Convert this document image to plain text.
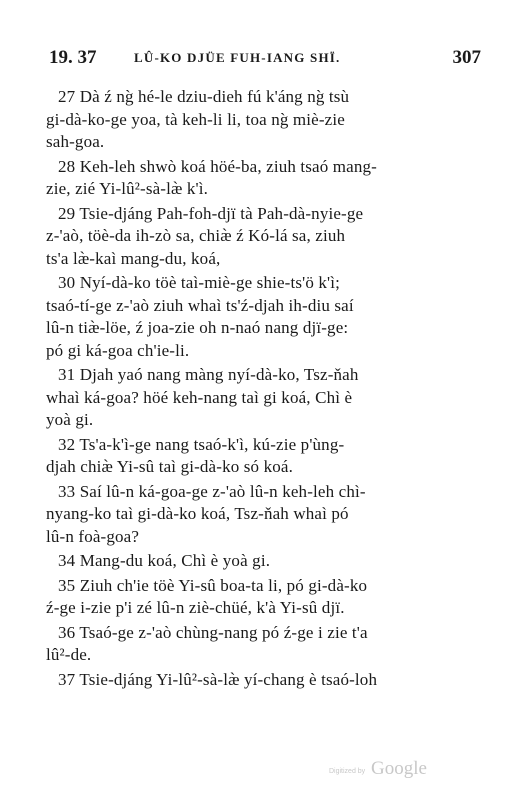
19. 37	LÛ-KO DJÜE FUH-IANG SHÏ.	307
27 Dà ź ng̀ hé-le dziu-dieh fú k'áng ng̀ tsù
gi-dà-ko-ge yoa, tà keh-li li, toa ng̀ miè-zie
sah-goa.
28 Keh-leh shwò koá höé-ba, ziuh tsaó mang-
zie, zié Yi-lû²-sà-læ̀ k'ì.
29 Tsie-djáng Pah-foh-djï tà Pah-dà-nyie-ge
z-'aò, töè-da ih-zò sa, chiæ̀ ź Kó-lá sa, ziuh
ts'a læ̀-kaì mang-du, koá,
30 Nyí-dà-ko töè taì-miè-ge shie-ts'ö k'ì;
tsaó-tí-ge z-'aò ziuh whaì ts'ź-djah ih-diu saí
lû-n tiæ̀-löe, ź joa-zie oh n-naó nang djï-ge:
pó gi ká-goa ch'ie-li.
31 Djah yaó nang màng nyí-dà-ko, Tsz-ňah
whaì ká-goa? höé keh-nang taì gi koá, Chì è
yoà gi.
32 Ts'a-k'ì-ge nang tsaó-k'ì, kú-zie p'ùng-
djah chiæ̀ Yi-sû taì gi-dà-ko só koá.
33 Saí lû-n ká-goa-ge z-'aò lû-n keh-leh chì-
nyang-ko taì gi-dà-ko koá, Tsz-ňah whaì pó
lû-n foà-goa?
34 Mang-du koá, Chì è yoà gi.
35 Ziuh ch'ie töè Yi-sû boa-ta li, pó gi-dà-ko
ź-ge i-zie p'i zé lû-n ziè-chüé, k'à Yi-sû djï.
36 Tsaó-ge z-'aò chùng-nang pó ź-ge i zie t'a
lû²-de.
37 Tsie-djáng Yi-lû²-sà-læ̀ yí-chang è tsaó-loh
Digitized by Google
